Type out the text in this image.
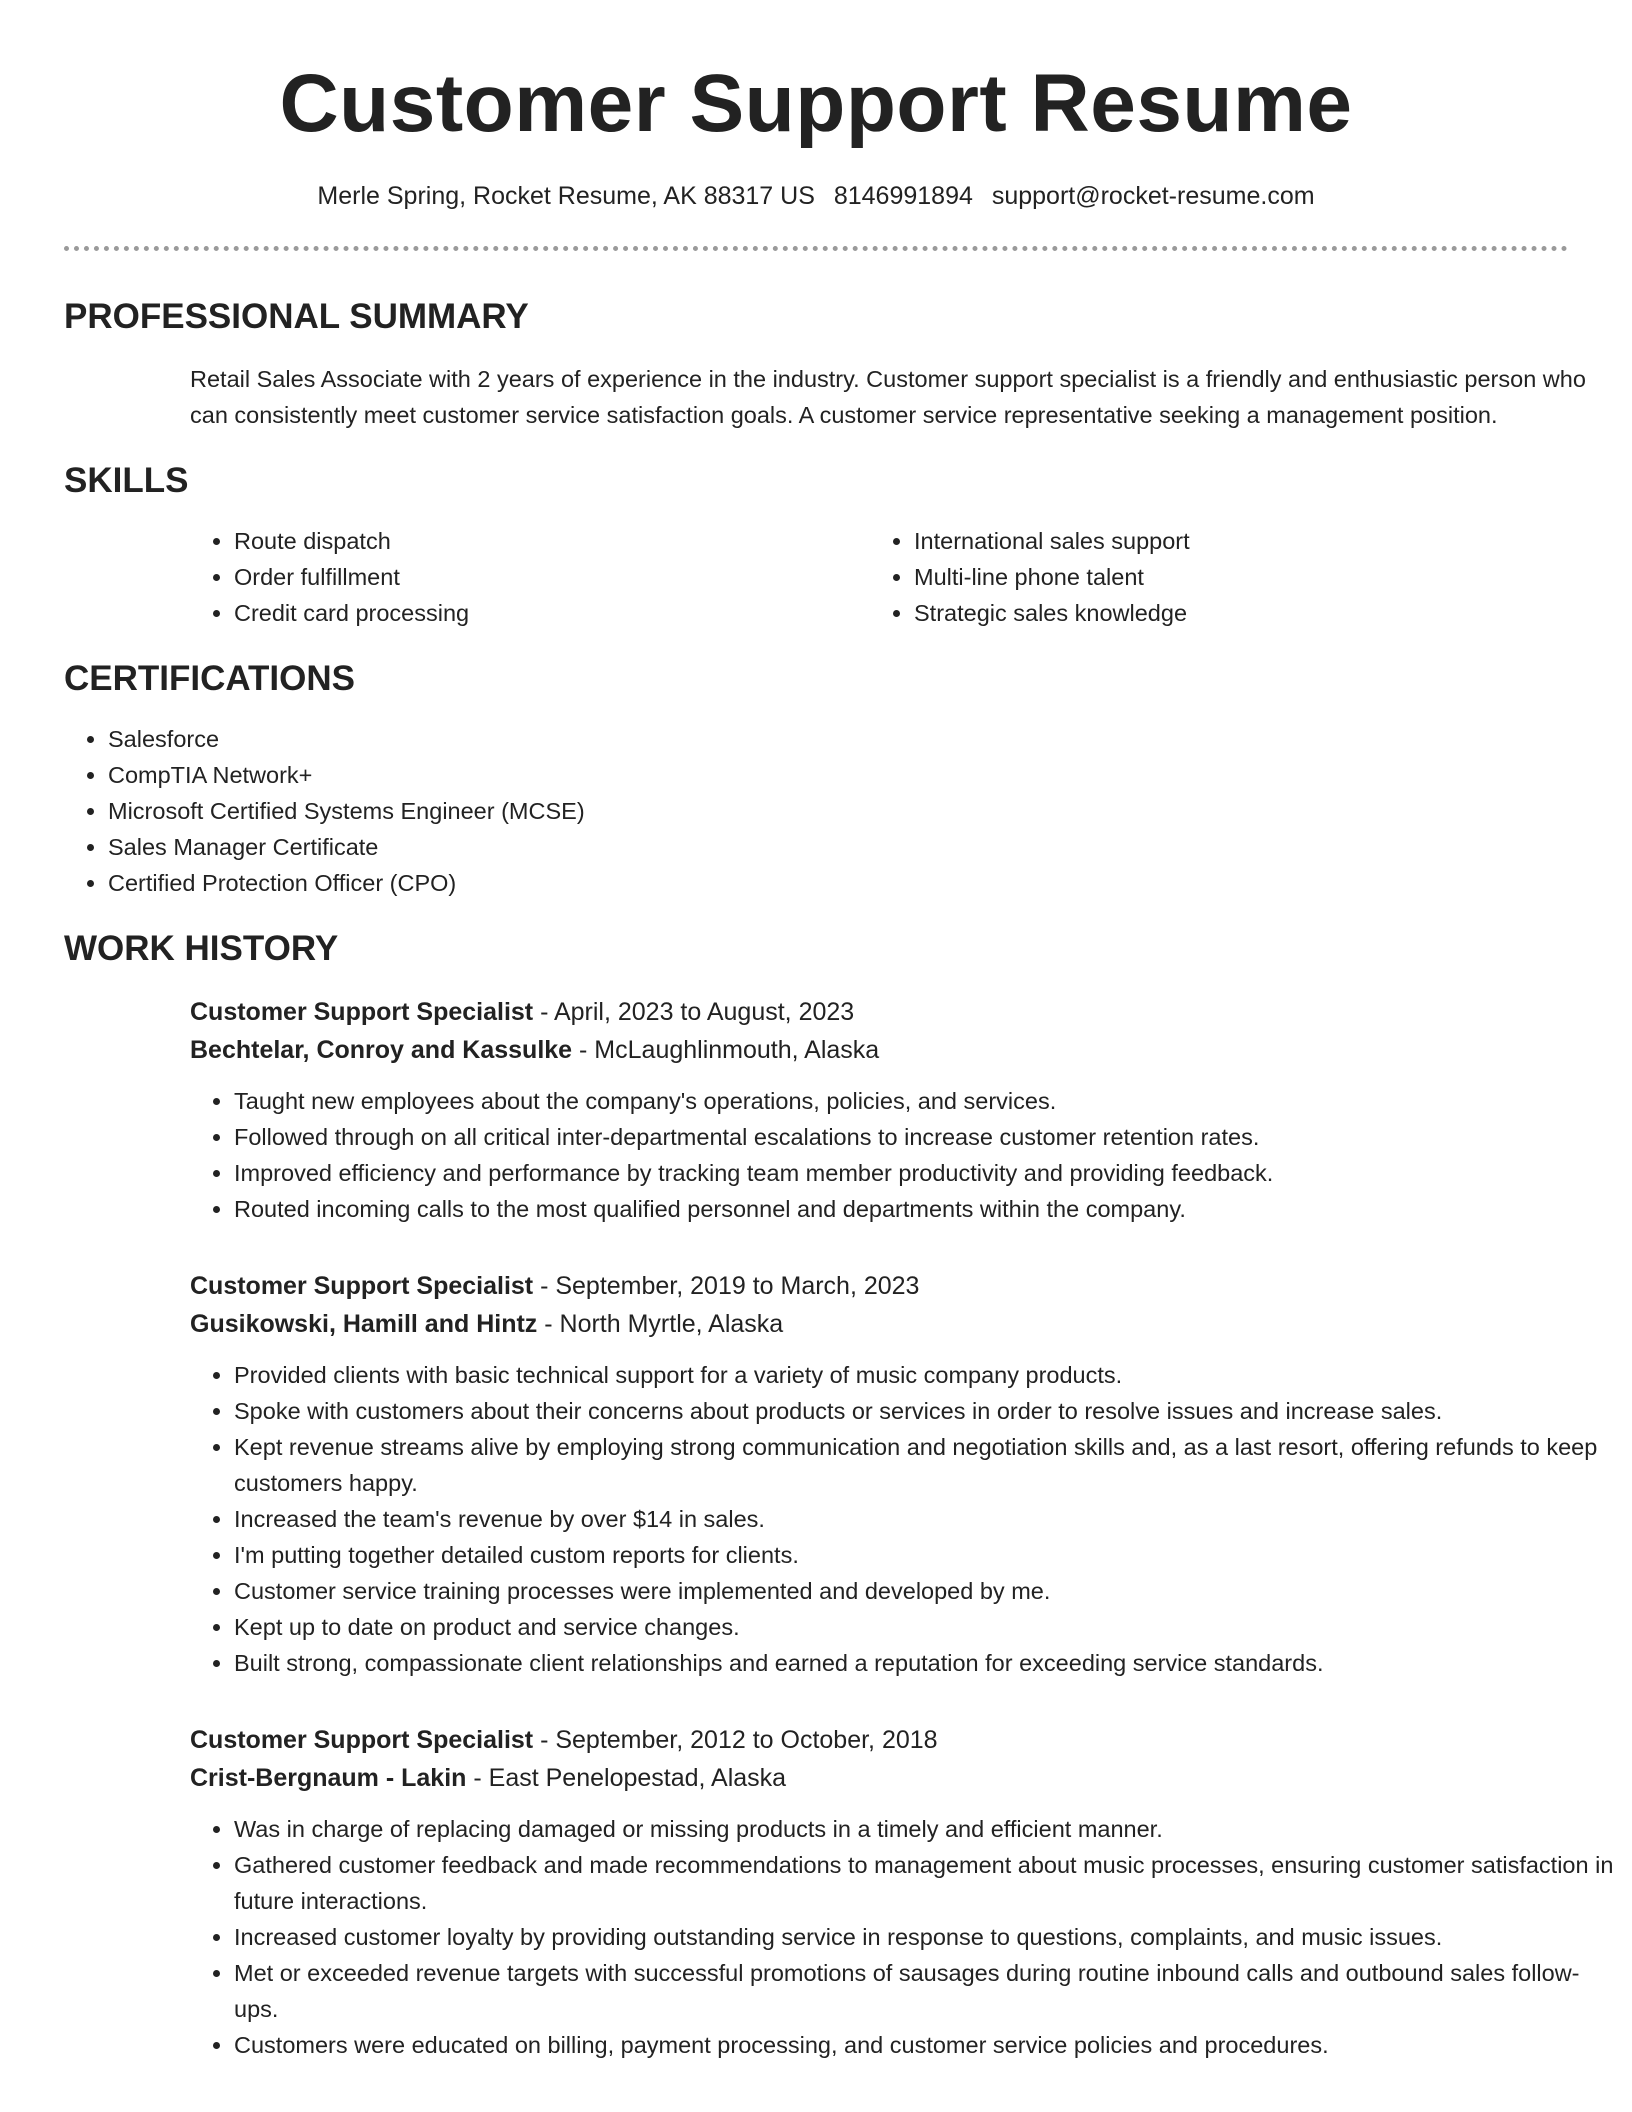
Customer Support Resume
Merle Spring, Rocket Resume, AK 88317 US 8146991894 support@rocket-resume.com
PROFESSIONAL SUMMARY
Retail Sales Associate with 2 years of experience in the industry. Customer support specialist is a friendly and enthusiastic person who can consistently meet customer service satisfaction goals. A customer service representative seeking a management position.
SKILLS
• Route dispatch
• Order fulfillment
• Credit card processing
• International sales support
• Multi-line phone talent
• Strategic sales knowledge
CERTIFICATIONS
• Salesforce
• CompTIA Network+
• Microsoft Certified Systems Engineer (MCSE)
• Sales Manager Certificate
• Certified Protection Officer (CPO)
WORK HISTORY
Customer Support Specialist - April, 2023 to August, 2023
Bechtelar, Conroy and Kassulke - McLaughlinmouth, Alaska
• Taught new employees about the company's operations, policies, and services.
• Followed through on all critical inter-departmental escalations to increase customer retention rates.
• Improved efficiency and performance by tracking team member productivity and providing feedback.
• Routed incoming calls to the most qualified personnel and departments within the company.
Customer Support Specialist - September, 2019 to March, 2023
Gusikowski, Hamill and Hintz - North Myrtle, Alaska
• Provided clients with basic technical support for a variety of music company products.
• Spoke with customers about their concerns about products or services in order to resolve issues and increase sales.
• Kept revenue streams alive by employing strong communication and negotiation skills and, as a last resort, offering refunds to keep customers happy.
• Increased the team's revenue by over $14 in sales.
• I'm putting together detailed custom reports for clients.
• Customer service training processes were implemented and developed by me.
• Kept up to date on product and service changes.
• Built strong, compassionate client relationships and earned a reputation for exceeding service standards.
Customer Support Specialist - September, 2012 to October, 2018
Crist-Bergnaum - Lakin - East Penelopestad, Alaska
• Was in charge of replacing damaged or missing products in a timely and efficient manner.
• Gathered customer feedback and made recommendations to management about music processes, ensuring customer satisfaction in future interactions.
• Increased customer loyalty by providing outstanding service in response to questions, complaints, and music issues.
• Met or exceeded revenue targets with successful promotions of sausages during routine inbound calls and outbound sales follow-ups.
• Customers were educated on billing, payment processing, and customer service policies and procedures.
